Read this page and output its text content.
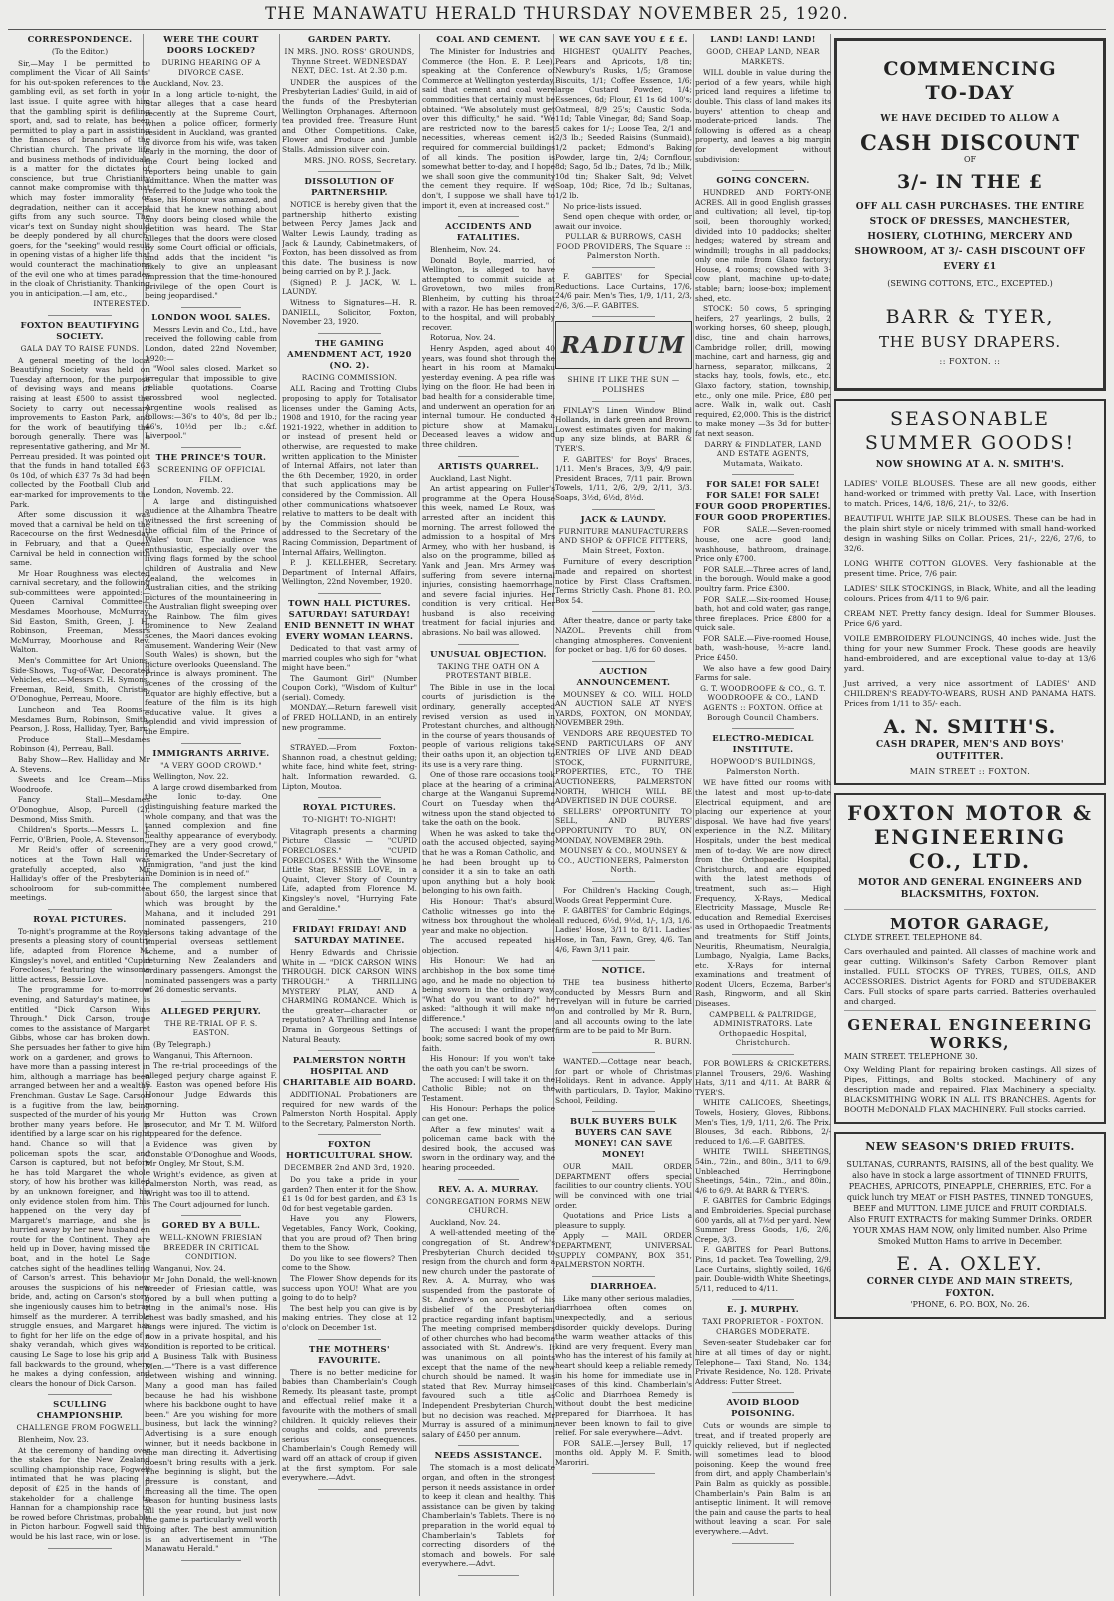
THE MANAWATU HERALD THURSDAY NOVEMBER 25, 1920.
CORRESPONDENCE.
(To the Editor.)
Sir,—May I be permitted to compliment the Vicar of All Saints' for his out-spoken references to the gambling evil, as set forth in your last issue. I quite agree with him that the gambling spirit is defiling sport, and, sad to relate, has been permitted to play a part in assisting the finances of branches of the Christian church. The private life and business methods of individuals is a matter for the dictates of conscience, but true Christianity cannot make compromise with that which may foster immorality or degradation, neither can it accept gifts from any such source. The vicar's text on Sunday night should be deeply pondered by all church-goers, for the "seeking" would result in opening vistas of a higher life that would counteract the machinations of the evil one who at times parades in the cloak of Christianity. Thanking you in anticipation.—I am, etc.,
INTERESTED.
FOXTON BEAUTIFYING SOCIETY.
GALA DAY TO RAISE FUNDS.
A general meeting of the local Beautifying Society was held on Tuesday afternoon, for the purpose of devising ways and means of raising at least £500 to assist the Society to carry out necessary improvements to Easton Park, and for the work of beautifying the borough generally. There was a representative gathering, and Mr M. Perreau presided. It was pointed out that the funds in hand totalled £63 0s 10d, of which £37 7s 3d had been collected by the Football Club and ear-marked for improvements to the Park.
After some discussion it was moved that a carnival be held on the Racecourse on the first Wednesday in February, and that a Queen Carnival be held in connection with same.
Mr Hoar Roughness was elected carnival secretary, and the following sub-committees were appointed:—Queen Carnival Committee—Mesdames Moorhouse, McMurray, Sid Easton, Smith, Green, J. H. Robinson, Freeman, Messrs McMurray, Moorhouse and Rev. Walton.
Men's Committee for Art Unions, Side-Shows, Tug-of-War, Decorated Vehicles, etc.—Messrs C. H. Symons, Freeman, Reid, Smith, Christie, O'Donoghue, Perreau, Moore.
Luncheon and Tea Rooms—Mesdames Burn, Robinson, Smith, Pearson, J. Ross, Halliday, Tyer, Barr.
Produce Stall—Mesdames Robinson (4), Perreau, Ball.
Baby Show—Rev. Halliday and Mr A. Stevens.
Sweets and Ice Cream—Miss Woodroofe.
Fancy Stall—Mesdames O'Donoghue, Alsop, Purcell (2), Desmond, Miss Smith.
Children's Sports.—Messrs L. J. Ferric, O'Brien, Poole, A. Stevenson.
Mr Reid's offer of screening notices at the Town Hall was gratefully accepted, also Mr Halliday's offer of the Presbyterian schoolroom for sub-committee meetings.
ROYAL PICTURES.
To-night's programme at the Royal presents a pleasing story of country life, adapted from Florence M. Kingsley's novel, and entitled "Cupid Forecloses," featuring the winsome little actress, Bessie Love.
The programme for to-morrow evening, and Saturday's matinee, is entitled "Dick Carson Wins Through." Dick Carson, troupe comes to the assistance of Margaret Gibbs, whose car has broken down. She persuades her father to give him work on a gardener, and grows to have more than a passing interest in him, although a marriage has been arranged between her and a wealthy Frenchman. Gustav Le Sage. Carson is a fugitive from the law, being suspected of the murder of his young brother many years before. He is identified by a large scar on his right hand. Chance so will that a policeman spots the scar, and Carson is captured, but not before he has told Margaret the whole story, of how his brother was killed by an unknown foreigner, and his only evidence stolen from him. This happened on the very day of Margaret's marriage, and she is hurried away by her new husband en route for the Continent. They are held up in Dover, having missed the boat, and in the hotel Le Sage catches sight of the headlines telling of Carson's arrest. This behaviour arouses the suspicions of his new bride, and, acting on Carson's story, she ingeniously causes him to betray himself as the murderer. A terrible struggle ensues, and Margaret has to fight for her life on the edge of a shaky verandah, which gives way, causing Le Sage to lose his grip and fall backwards to the ground, where he makes a dying confession, and clears the honour of Dick Carson.
SCULLING CHAMPIONSHIP.
CHALLENGE FROM FOGWELL.
Blenheim, Nov. 23.
At the ceremony of handing over the stakes for the New Zealand sculling championship race, Fogwell intimated that he was placing a deposit of £25 in the hands of a stakeholder for a challenge to Hannan for a championship race to be rowed before Christmas, probably in Picton harbour. Fogwell said this would be his last race, win or lose.
WERE THE COURT DOORS LOCKED?
DURING HEARING OF A DIVORCE CASE.
Auckland, Nov. 23.
In a long article to-night, the Star alleges that a case heard recently at the Supreme Court, when a police officer, formerly resident in Auckland, was granted a divorce from his wife, was taken early in the morning, the door of the Court being locked and reporters being unable to gain admittance. When the matter was referred to the Judge who took the case, his Honour was amazed, and said that he knew nothing about any doors being closed while the petition was heard. The Star alleges that the doors were closed by some Court official or officials, and adds that the incident "is likely to give an unpleasant impression that the time-honoured privilege of the open Court is being jeopardised."
LONDON WOOL SALES.
Messrs Levin and Co., Ltd., have received the following cable from London, dated 22nd November, 1920:—
"Wool sales closed. Market so irregular that impossible to give reliable quotations. Coarse crossbred wool neglected. Argentine wools realised as follows:—36's to 40's, 8d per lb.; 46's, 10½d per lb.; c.&f. Liverpool."
THE PRINCE'S TOUR.
SCREENING OF OFFICIAL FILM.
London, Novemb. 22.
A large and distinguished audience at the Alhambra Theatre witnessed the first screening of the official film of the Prince of Wales' tour. The audience was enthusiastic, especially over the living flags formed by the school children of Australia and New Zealand, the welcomes in Australian cities, and the striking pictures of the mountaineering in the Australian flight sweeping over the Rainbow. The film gives prominence to New Zealand scenes, the Maori dances evoking amusement. Wandering Weir (New South Wales) is shown, but the picture overlooks Queensland. The Prince is always prominent. The scenes of the crossing of the Equator are highly effective, but a feature of the film is its high educative value. It gives a splendid and vivid impression of the Empire.
IMMIGRANTS ARRIVE.
"A VERY GOOD CROWD."
Wellington, Nov. 22.
A large crowd disembarked from the Ionic to-day. One distinguishing feature marked the whole company, and that was the tanned complexion and fine healthy appearance of everybody. "They are a very good crowd," remarked the Under-Secretary of Immigration, "and just the kind the Dominion is in need of."
The complement numbered about 650, the largest since that which was brought by the Mahana, and it included 291 nominated passengers, 210 persons taking advantage of the Imperial overseas settlement scheme, and a number of returning New Zealanders and ordinary passengers. Amongst the nominated passengers was a party of 26 domestic servants.
ALLEGED PERJURY.
THE RE-TRIAL OF F. S. EASTON.
(By Telegraph.)
Wanganui, This Afternoon.
The re-trial proceedings of the alleged perjury charge against F. S. Easton was opened before His Honour Judge Edwards this morning.
Mr Hutton was Crown prosecutor, and Mr T. M. Wilford appeared for the defence.
Evidence was given by Constable O'Donoghue and Woods, Mr Ongley, Mr Stout, S.M.
Wright's evidence, as given at Palmerston North, was read, as Wright was too ill to attend.
The Court adjourned for lunch.
GORED BY A BULL.
WELL-KNOWN FRIESIAN BREEDER IN CRITICAL CONDITION.
Wanganui, Nov. 24.
Mr John Donald, the well-known breeder of Friesian cattle, was gored by a bull when putting a ring in the animal's nose. His chest was badly smashed, and his lungs were injured. The victim is now in a private hospital, and his condition is reported to be critical.
A Business Talk with Business Men.—"There is a vast difference between wishing and winning. Many a good man has failed because he had his wishbone where his backbone ought to have been." Are you wishing for more business, but lack the winning? Advertising is a sure enough winner, but it needs backbone in the man directing it. Advertising doesn't bring results with a jerk. The beginning is slight, but the pressure is constant, and increasing all the time. The open season for hunting business lasts all the year round, but just now the game is particularly well worth going after. The best ammunition is an advertisement in "The Manawatu Herald."
GARDEN PARTY.
IN MRS. JNO. ROSS' GROUNDS, Thynne Street. WEDNESDAY NEXT, DEC. 1st. At 2.30 p.m.
UNDER the auspices of the Presbyterian Ladies' Guild, in aid of the funds of the Presbyterian Wellington Orphanages. Afternoon tea provided free. Treasure Hunt and Other Competitions. Cake, Flower and Produce and Jumble Stalls. Admission silver coin.
MRS. JNO. ROSS, Secretary.
DISSOLUTION OF PARTNERSHIP.
NOTICE is hereby given that the partnership hitherto existing between Percy James Jack and Walter Lewis Laundy, trading as Jack & Laundy, Cabinetmakers, of Foxton, has been dissolved as from this date. The business is now being carried on by P. J. Jack.
(Signed) P. J. JACK, W. L. LAUNDY.
Witness to Signatures—H. R. DANIELL, Solicitor, Foxton, November 23, 1920.
THE GAMING AMENDMENT ACT, 1920 (NO. 2).
RACING COMMISSION.
ALL Racing and Trotting Clubs proposing to apply for Totalisator licenses under the Gaming Acts, 1908 and 1910, for the racing year 1921-1922, whether in addition to or instead of present held or otherwise, are requested to make written application to the Minister of Internal Affairs, not later than the 6th December, 1920, in order that such applications may be considered by the Commission. All other communications whatsoever relative to matters to be dealt with by the Commission should be addressed to the Secretary of the Racing Commission, Department of Internal Affairs, Wellington.
P. J. KELLEHER, Secretary. Department of Internal Affairs, Wellington, 22nd November, 1920.
TOWN HALL PICTURES. SATURDAY! SATURDAY! ENID BENNETT IN WHAT EVERY WOMAN LEARNS.
Dedicated to that vast army of married couples who sigh for "what might have been."
The Gaumont Girl" (Number Coupon Cork), "Wisdom of Kultur" (serial). Comedy.
MONDAY.—Return farewell visit of FRED HOLLAND, in an entirely new programme.
STRAYED.—From Foxton-Shannon road, a chestnut gelding; white face, hind white feet, string-halt. Information rewarded. G. Lipton, Moutoa.
ROYAL PICTURES.
TO-NIGHT! TO-NIGHT!
Vitagraph presents a charming Picture Classic — "CUPID FORECLOSES." "CUPID FORECLOSES." With the Winsome Little Star, BESSIE LOVE, in a Quaint, Clever Story of Country Life, adapted from Florence M. Kingsley's novel, "Hurrying Fate and Geraldine."
FRIDAY! FRIDAY! AND SATURDAY MATINEE.
Henry Edwards and Chrissie White in — "DICK CARSON WINS THROUGH. DICK CARSON WINS THROUGH." A THRILLING MYSTERY PLAY, AND A CHARMING ROMANCE. Which is the greater—character or reputation? A Thrilling and Intense Drama in Gorgeous Settings of Natural Beauty.
PALMERSTON NORTH HOSPITAL AND CHARITABLE AID BOARD.
ADDITIONAL Probationers are required for new wards of the Palmerston North Hospital. Apply to the Secretary, Palmerston North.
FOXTON HORTICULTURAL SHOW.
DECEMBER 2nd AND 3rd, 1920.
Do you take a pride in your garden? Then enter it for the Show. £1 1s 0d for best garden, and £3 1s 0d for best vegetable garden.
Have you any Flowers, Vegetables, Fancy Work, Cooking, that you are proud of? Then bring them to the Show.
Do you like to see flowers? Then come to the Show.
The Flower Show depends for its success upon YOU! What are you going to do to help?
The best help you can give is by making entries. They close at 12 o'clock on December 1st.
THE MOTHERS' FAVOURITE.
There is no better medicine for babies than Chamberlain's Cough Remedy. Its pleasant taste, prompt and effectual relief make it a favourite with the mothers of small children. It quickly relieves their coughs and colds, and prevents serious consequences. Chamberlain's Cough Remedy will ward off an attack of croup if given at the first symptom. For sale everywhere.—Advt.
COAL AND CEMENT.
The Minister for Industries and Commerce (the Hon. E. P. Lee), speaking at the Conference of Commerce at Wellington yesterday, said that cement and coal were commodities that certainly must be obtained. "We absolutely must get over this difficulty," he said. "We are restricted now to the barest necessities, whereas cement is required for commercial buildings of all kinds. The position is somewhat better to-day, and I hope we shall soon give the community the cement they require. If we don't, I suppose we shall have to import it, even at increased cost."
ACCIDENTS AND FATALITIES.
Blenheim, Nov. 24.
Donald Boyle, married, of Wellington, is alleged to have attempted to commit suicide at Grovetown, two miles from Blenheim, by cutting his throat with a razor. He has been removed to the hospital, and will probably recover.
Rotorua, Nov. 24.
Henry Aspden, aged about 40 years, was found shot through the heart in his room at Mamaku yesterday evening. A pea rifle was lying on the floor. He had been in bad health for a considerable time, and underwent an operation for an internal tumour. He conducted a picture show at Mamaku. Deceased leaves a widow and three children.
ARTISTS QUARREL.
Auckland, Last Night.
An artist appearing on Fuller's programme at the Opera House this week, named Le Roux, was arrested after an incident this morning. The arrest followed the admission to a hospital of Mrs Armey, who with her husband, is also on the programme, billed as Yank and Jean. Mrs Armey was suffering from severe internal injuries, consisting haemorrhage, and severe facial injuries. Her condition is very critical. Her husband is also receiving treatment for facial injuries and abrasions. No bail was allowed.
UNUSUAL OBJECTION.
TAKING THE OATH ON A PROTESTANT BIBLE.
The Bible in use in the local courts of jurisdiction is the ordinary, generally accepted revised version as used in Protestant churches, and although in the course of years thousands of people of various religions take their oaths upon it, an objection to its use is a very rare thing.
One of those rare occasions took place at the hearing of a criminal charge at the Wanganui Supreme Court on Tuesday when the witness upon the stand objected to take the oath on the book.
When he was asked to take the oath the accused objected, saying that he was a Roman Catholic, and he had been brought up to consider it a sin to take an oath upon anything but a holy book belonging to his own faith.
His Honour: That's absurd. Catholic witnesses go into the witness box throughout the whole year and make no objection.
The accused repeated his objection.
His Honour: We had an archbishop in the box some time ago, and he made no objection to being sworn in the ordinary way. "What do you want to do?" he asked: "although it will make no difference."
The accused: I want the proper book; some sacred book of my own faith.
His Honour: If you won't take the oath you can't be sworn.
The accused: I will take it on the Catholic Bible; not on the Testament.
His Honour: Perhaps the police can get one.
After a few minutes' wait a policeman came back with the desired book, the accused was sworn in the ordinary way, and the hearing proceeded.
REV. A. A. MURRAY.
CONGREGATION FORMS NEW CHURCH.
Auckland, Nov. 24.
A well-attended meeting of the congregation of St. Andrew's Presbyterian Church decided to resign from the church and form a new church under the pastorate of Rev. A. A. Murray, who was suspended from the pastorate of St. Andrew's on account of his disbelief of the Presbyterian practice regarding infant baptism. The meeting comprised members of other churches who had become associated with St. Andrew's. It was unanimous on all points except that the name of the new church should be named. It was stated that Rev. Murray himself favoured such a title as Independent Presbyterian Church, but no decision was reached. Mr Murray is assured of a minimum salary of £450 per annum.
NEEDS ASSISTANCE.
The stomach is a most delicate organ, and often in the strongest person it needs assistance in order to keep it clean and healthy. This assistance can be given by taking Chamberlain's Tablets. There is no preparation in the world equal to Chamberlain's Tablets for correcting disorders of the stomach and bowels. For sale everywhere.—Advt.
WE CAN SAVE YOU £ £ £.
HIGHEST QUALITY Peaches, Pears and Apricots, 1/8 tin; Newbury's Rusks, 1/5; Gramose Biscuits, 1/1; Coffee Essence, 1/6; large Custard Powder, 1/4; Essences, 6d; Flour, £1 1s 6d 100's; Oatmeal, 8/9 25's; Caustic Soda, 11d; Table Vinegar, 8d; Sand Soap, 5 cakes for 1/-; Loose Tea, 2/1 and 2/3 lb.; Seeded Raisins (Sunmaid), 1/2 packet; Edmond's Baking Powder, large tin, 2/4; Cornflour, 8d; Sago, 5d lb.; Dates, 7d lb.; Milk, 10d tin; Shaker Salt, 9d; Velvet Soap, 10d; Rice, 7d lb.; Sultanas, 1/2 lb.
No price-lists issued.
Send open cheque with order, or await our invoice.
PULLAR & BURROWS, CASH FOOD PROVIDERS, The Square :: Palmerston North.
F. GABITES' for Special Reductions. Lace Curtains, 17/6, 24/6 pair. Men's Ties, 1/9, 1/11, 2/3, 2/6, 3/6.—F. GABITES.
RADIUM
SHINE IT LIKE THE SUN — POLISHES
FINLAY'S Linen Window Blind Hollands, in dark green and Brown. Lowest estimates given for making up any size blinds, at BARR & TYER'S.
F. GABITES' for Boys' Braces, 1/11. Men's Braces, 3/9, 4/9 pair. President Braces, 7/11 pair. Brown Towels, 1/11, 2/6, 2/9, 2/11, 3/3. Soaps, 3½d, 6½d, 8½d.
JACK & LAUNDY.
FURNITURE MANUFACTURERS AND SHOP & OFFICE FITTERS, Main Street, Foxton.
Furniture of every description made and repaired on shortest notice by First Class Craftsmen. Terms Strictly Cash. Phone 81. P.O. Box 54.
After theatre, dance or party take NAZOL. Prevents chill from changing atmospheres. Convenient for pocket or bag. 1/6 for 60 doses.
AUCTION ANNOUNCEMENT.
MOUNSEY & CO. WILL HOLD AN AUCTION SALE AT NYE'S YARDS, FOXTON, ON MONDAY, NOVEMBER 29th.
VENDORS ARE REQUESTED TO SEND PARTICULARS OF ANY ENTRIES OF LIVE AND DEAD STOCK, FURNITURE, PROPERTIES, ETC., TO THE AUCTIONEERS, PALMERSTON NORTH, WHICH WILL BE ADVERTISED IN DUE COURSE.
SELLERS' OPPORTUNITY TO SELL, AND BUYERS' OPPORTUNITY TO BUY, ON MONDAY, NOVEMBER 29th.
MOUNSEY & CO., MOUNSEY & CO., AUCTIONEERS, Palmerston North.
For Children's Hacking Cough, Woods Great Peppermint Cure.
F. GABITES' for Cambric Edgings, all reduced, 6½d, 9½d, 1/-, 1/3, 1/6. Ladies' Hose, 3/11 to 8/11. Ladies' Hose, in Tan, Fawn, Grey, 4/6. Tan 4/6, Fawn 3/11 pair.
NOTICE.
THE tea business hitherto conducted by Messrs Burn and Trevelyan will in future be carried on and controlled by Mr R. Burn, and all accounts owing to the late firm are to be paid to Mr Burn.
R. BURN.
WANTED.—Cottage near beach, for part or whole of Christmas Holidays. Rent in advance. Apply with particulars, D. Taylor, Makino School, Feilding.
BULK BUYERS BULK BUYERS CAN SAVE MONEY! CAN SAVE MONEY!
OUR MAIL ORDER DEPARTMENT offers special facilities to our country clients. YOU will be convinced with one trial order.
Quotations and Price Lists a pleasure to supply.
Apply — MAIL ORDER DEPARTMENT, UNIVERSAL SUPPLY COMPANY, BOX 351, PALMERSTON NORTH.
DIARRHOEA.
Like many other serious maladies, diarrhoea often comes on unexpectedly, and a serious disorder quickly develops. During the warm weather attacks of this kind are very frequent. Every man who has the interest of his family at heart should keep a reliable remedy in his home for immediate use in cases of this kind. Chamberlain's Colic and Diarrhoea Remedy is without doubt the best medicine prepared for Diarrhoea. It has never been known to fail to give relief. For sale everywhere—Advt.
FOR SALE.—Jersey Bull, 17 months old. Apply M. F. Smith, Maroriri.
LAND! LAND! LAND!
GOOD, CHEAP LAND, NEAR MARKETS.
WILL double in value during the period of a few years, while high priced land requires a lifetime to double. This class of land makes its buyers' attention to cheap and moderate-priced lands. The following is offered as a cheap property, and leaves a big margin for development without subdivision:
GOING CONCERN.
HUNDRED AND FORTY-ONE ACRES. All in good English grasses and cultivation; all level, tip-top soil, been thoroughly worked; divided into 10 paddocks; shelter hedges; watered by stream and windmill; troughs in all paddocks; only one mile from Glaxo factory; House, 4 rooms; cowshed with 3-cow plant, machine up-to-date; stable; barn; loose-box; implement shed, etc.
STOCK: 50 cows, 5 springing heifers, 27 yearlings, 2 bulls, 2 working horses, 60 sheep, plough, disc, tine and chain harrows, Cambridge roller, drill, mowing machine, cart and harness, gig and harness, separator, milkcans, 2 stacks hay, tools, fowls, etc., etc. Glaxo factory, station, township, etc., only one mile. Price, £80 per acre. Walk in, walk out. Cash required, £2,000. This is the district to make money —3s 3d for butter-fat next season.
DARRY & FINDLATER, LAND AND ESTATE AGENTS, Mutamata, Waikato.
FOR SALE! FOR SALE! FOR SALE! FOR SALE! FOUR GOOD PROPERTIES. FOUR GOOD PROPERTIES.
FOR SALE.—Seven-roomed house, one acre good land; washhouse, bathroom, drainage. Price only £700.
FOR SALE.—Three acres of land, in the borough. Would make a good poultry farm. Price £300.
FOR SALE.—Six-roomed House; bath, hot and cold water, gas range, three fireplaces. Price £800 for a quick sale.
FOR SALE.—Five-roomed House, bath, wash-house, ½-acre land. Price £450.
We also have a few good Dairy Farms for sale.
G. T. WOODROOFE & CO., G. T. WOODROOFE & CO., LAND AGENTS :: FOXTON. Office at Borough Council Chambers.
ELECTRO-MEDICAL INSTITUTE.
HOPWOOD'S BUILDINGS, Palmerston North.
WE have fitted our rooms with the latest and most up-to-date Electrical equipment, and are placing our experience at your disposal. We have had five years' experience in the N.Z. Military Hospitals, under the best medical men of to-day. We are now direct from the Orthopaedic Hospital, Christchurch, and are equipped with the latest methods of treatment, such as:— High Frequency, X-Rays, Medical Electricity Massage, Muscle Re-education and Remedial Exercises as used in Orthopaedic Treatments and treatments for Stiff Joints, Neuritis, Rheumatism, Neuralgia, Lumbago, Nyalgia, Lame Backs, etc. X-Rays for internal examinations and treatment of Rodent Ulcers, Eczema, Barber's Rash, Ringworm, and all Skin Diseases.
CAMPBELL & PALTRIDGE, ADMINISTRATORS. Late Orthopaedic Hospital, Christchurch.
FOR BOWLERS & CRICKETERS. Flannel Trousers, 29/6. Washing Hats, 3/11 and 4/11. At BARR & TYER'S.
WHITE CALICOES, Sheetings, Towels, Hosiery, Gloves, Ribbons. Men's Ties, 1/9, 1/11, 2/6. The Prix. Blouses, 3d each. Ribbons, 2/- reduced to 1/6.—F. GABITES.
WHITE TWILL SHEETINGS, 54in., 72in., and 80in., 3/11 to 6/9. Unbleached Herringbone Sheetings, 54in., 72in., and 80in., 4/6 to 6/9. At BARR & TYER'S.
F. GABITES for Cambric Edgings and Embroideries. Special purchase 600 yards, all at 7½d per yard. New Summer Dress Goods, 1/6, 2/6, Crepe, 3/3.
F. GABITES for Pearl Buttons. Pins, 1d packet. Tea Towelling, 2/9. Lace Curtains, slightly soiled, 16/6 pair. Double-width White Sheetings, 5/11, reduced to 4/11.
E. J. MURPHY.
TAXI PROPRIETOR - FOXTON. CHARGES MODERATE.
Seven-seater Studebaker car for hire at all times of day or night. Telephone— Taxi Stand, No. 134; Private Residence, No. 128. Private Address: Futter Street.
AVOID BLOOD POISONING.
Cuts or wounds are simple to treat, and if treated properly are quickly relieved, but if neglected will sometimes lead to blood poisoning. Keep the wound free from dirt, and apply Chamberlain's Pain Balm as quickly as possible. Chamberlain's Pain Balm is an antiseptic liniment. It will remove the pain and cause the parts to heal without leaving a scar. For sale everywhere.—Advt.
COMMENCING
TO-DAY
WE HAVE DECIDED TO ALLOW A
CASH DISCOUNT
OF
3/- IN THE £
OFF ALL CASH PURCHASES. THE ENTIRE STOCK OF DRESSES, MANCHESTER, HOSIERY, CLOTHING, MERCERY AND SHOWROOM, AT 3/- CASH DISCOUNT OFF EVERY £1
(SEWING COTTONS, ETC., EXCEPTED.)
BARR & TYER,
THE BUSY DRAPERS.
:: FOXTON. ::
SEASONABLE
SUMMER GOODS!
NOW SHOWING AT A. N. SMITH'S.
LADIES' VOILE BLOUSES. These are all new goods, either hand-worked or trimmed with pretty Val. Lace, with Insertion to match. Prices, 14/6, 18/6, 21/-, to 32/6.
BEAUTIFUL WHITE JAP. SILK BLOUSES. These can be had in the plain shirt style or nicely trimmed with small hand-worked design in washing Silks on Collar. Prices, 21/-, 22/6, 27/6, to 32/6.
LONG WHITE COTTON GLOVES. Very fashionable at the present time. Price, 7/6 pair.
LADIES' SILK STOCKINGS, in Black, White, and all the leading colours. Prices from 4/11 to 9/6 pair.
CREAM NET. Pretty fancy design. Ideal for Summer Blouses. Price 6/6 yard.
VOILE EMBROIDERY FLOUNCINGS, 40 inches wide. Just the thing for your new Summer Frock. These goods are heavily hand-embroidered, and are exceptional value to-day at 13/6 yard.
Just arrived, a very nice assortment of LADIES' AND CHILDREN'S READY-TO-WEARS, RUSH AND PANAMA HATS. Prices from 1/11 to 35/- each.
A. N. SMITH'S.
CASH DRAPER, MEN'S AND BOYS' OUTFITTER.
MAIN STREET :: FOXTON.
FOXTON MOTOR &
ENGINEERING
CO., LTD.
MOTOR AND GENERAL ENGINEERS AND BLACKSMITHS, FOXTON.
MOTOR GARAGE,
CLYDE STREET. TELEPHONE 84.
Cars overhauled and painted. All classes of machine work and gear cutting. Wilkinson's Safety Carbon Remover plant installed. FULL STOCKS OF TYRES, TUBES, OILS, AND ACCESSORIES. District Agents for FORD and STUDEBAKER Cars. Full stocks of spare parts carried. Batteries overhauled and charged.
GENERAL ENGINEERING
WORKS,
MAIN STREET. TELEPHONE 30.
Oxy Welding Plant for repairing broken castings. All sizes of Pipes, Fittings, and Bolts stocked. Machinery of any description made and repaired. Flax Machinery a specialty. BLACKSMITHING WORK IN ALL ITS BRANCHES. Agents for BOOTH McDONALD FLAX MACHINERY. Full stocks carried.
NEW SEASON'S DRIED FRUITS.
SULTANAS, CURRANTS, RAISINS, all of the best quality. We also have in stock a large assortment of TINNED FRUITS, PEACHES, APRICOTS, PINEAPPLE, CHERRIES, ETC. For a quick lunch try MEAT or FISH PASTES, TINNED TONGUES, BEEF and MUTTON. LIME JUICE and FRUIT CORDIALS. Also FRUIT EXTRACTS for making Summer Drinks. ORDER YOUR XMAS HAM NOW, only limited number. Also Prime Smoked Mutton Hams to arrive in December.
E. A. OXLEY.
CORNER CLYDE AND MAIN STREETS, FOXTON.
'PHONE, 6. P.O. BOX, No. 26.
